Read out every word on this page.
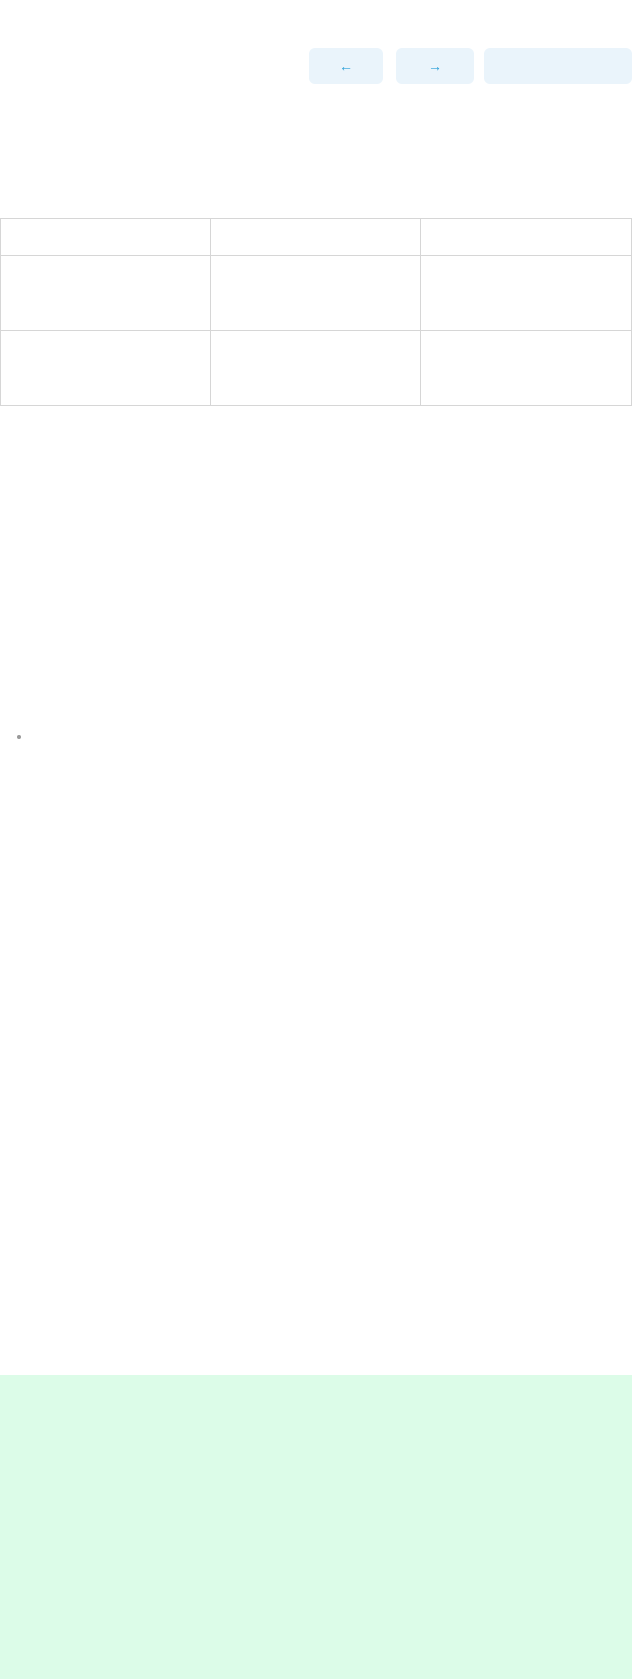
←	→
